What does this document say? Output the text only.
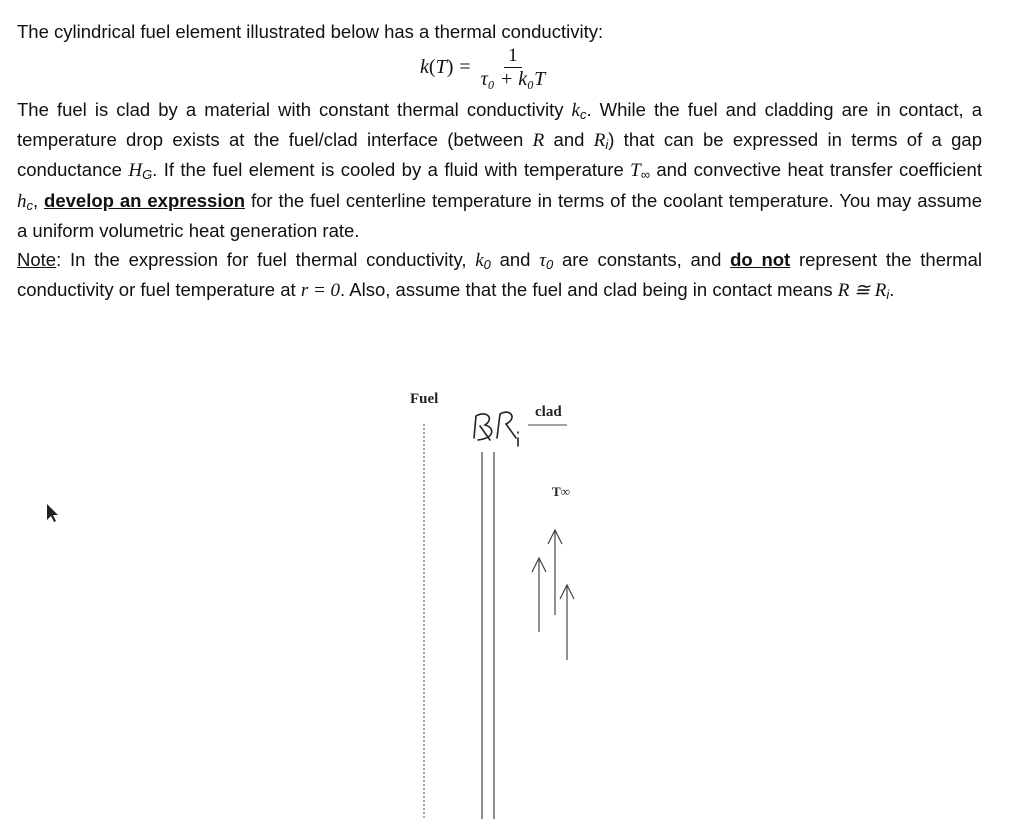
The cylindrical fuel element illustrated below has a thermal conductivity:
$k(T) = \frac{1}{\text{τ₀ + k₀T}}$
The fuel is clad by a material with constant thermal conductivity $k_c$. While the fuel and cladding are in contact, a temperature drop exists at the fuel/clad interface (between R and $R_i$) that can be expressed in terms of a gap conductance $H_G$. If the fuel element is cooled by a fluid with temperature $T_\infty$ and convective heat transfer coefficient $h_c$, develop an expression for the fuel centerline temperature in terms of the coolant temperature. You may assume a uniform volumetric heat generation rate.
Note: In the expression for fuel thermal conductivity, $k_0$ and $\tau_0$ are constants, and do not represent the thermal conductivity or fuel temperature at r = 0. Also, assume that the fuel and clad being in contact means R ≅ $R_i$.
Fuel
clad
T∞
